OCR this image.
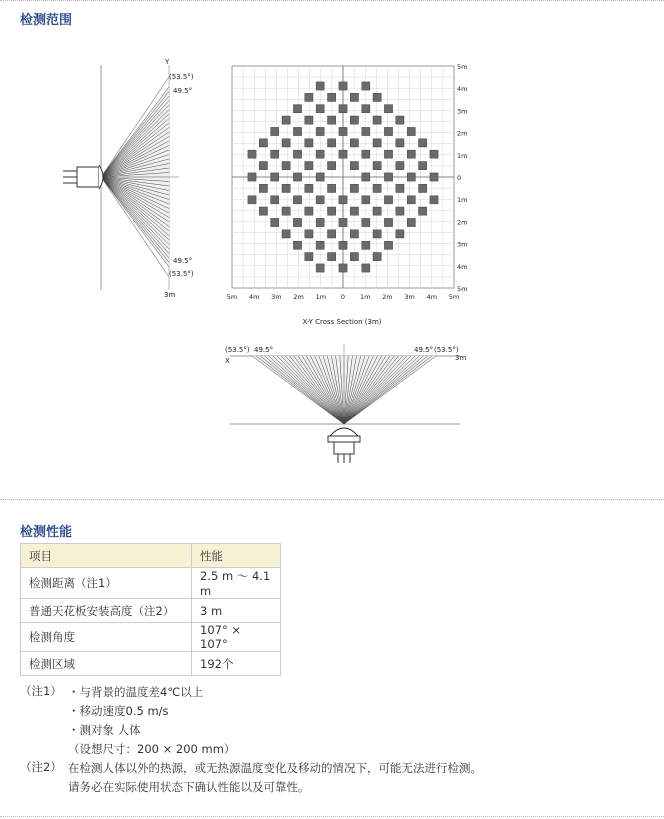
检测范围
Y
(53.5°)
49.5°
49.5°
(53.5°)
3m
5m
4m
3m
2m
1m
0
1m
2m
3m
4m
5m
5m 4m 3m 2m 1m 0 1m 2m 3m 4m 5m
X-Y Cross Section (3m)
(53.5°) 49.5°
X
49.5° (53.5°)
3m
检测性能
项目	性能
检测距离（注1）	2.5 m ～ 4.1 m
普通天花板安装高度（注2）	3 m
检测角度	107° × 107°
检测区域	192个
（注1） ・与背景的温度差4℃以上
・移动速度0.5 m/s
・测对象 人体
（设想尺寸：200 × 200 mm）
（注2） 在检测人体以外的热源，或无热源温度变化及移动的情况下，可能无法进行检测。
请务必在实际使用状态下确认性能以及可靠性。
